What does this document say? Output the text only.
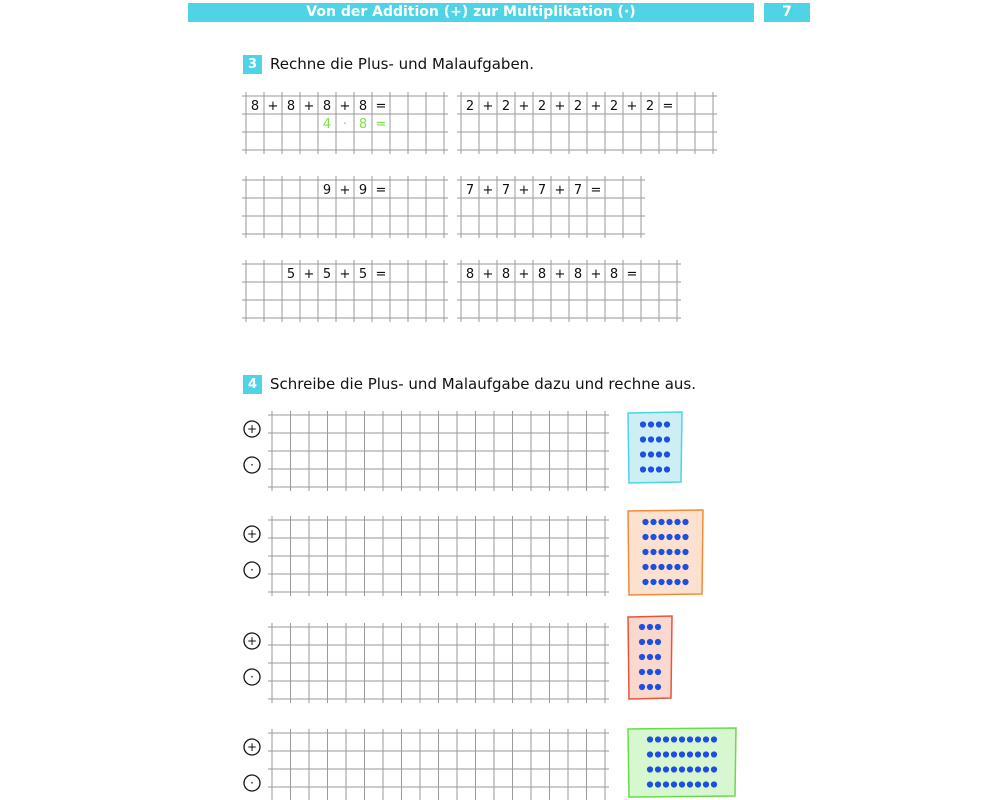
Von der Addition (+) zur Multiplikation (·)	7
3 Rechne die Plus- und Malaufgaben.
4 Schreibe die Plus- und Malaufgabe dazu und rechne aus.
8 + 8 + 8 + 8 =
4 · 8 =
2 + 2 + 2 + 2 + 2 + 2 =
9 + 9 =	7 + 7 + 7 + 7 =
5 + 5 + 5 =	8 + 8 + 8 + 8 + 8 =
+
·
+
·
+
·
+
·
